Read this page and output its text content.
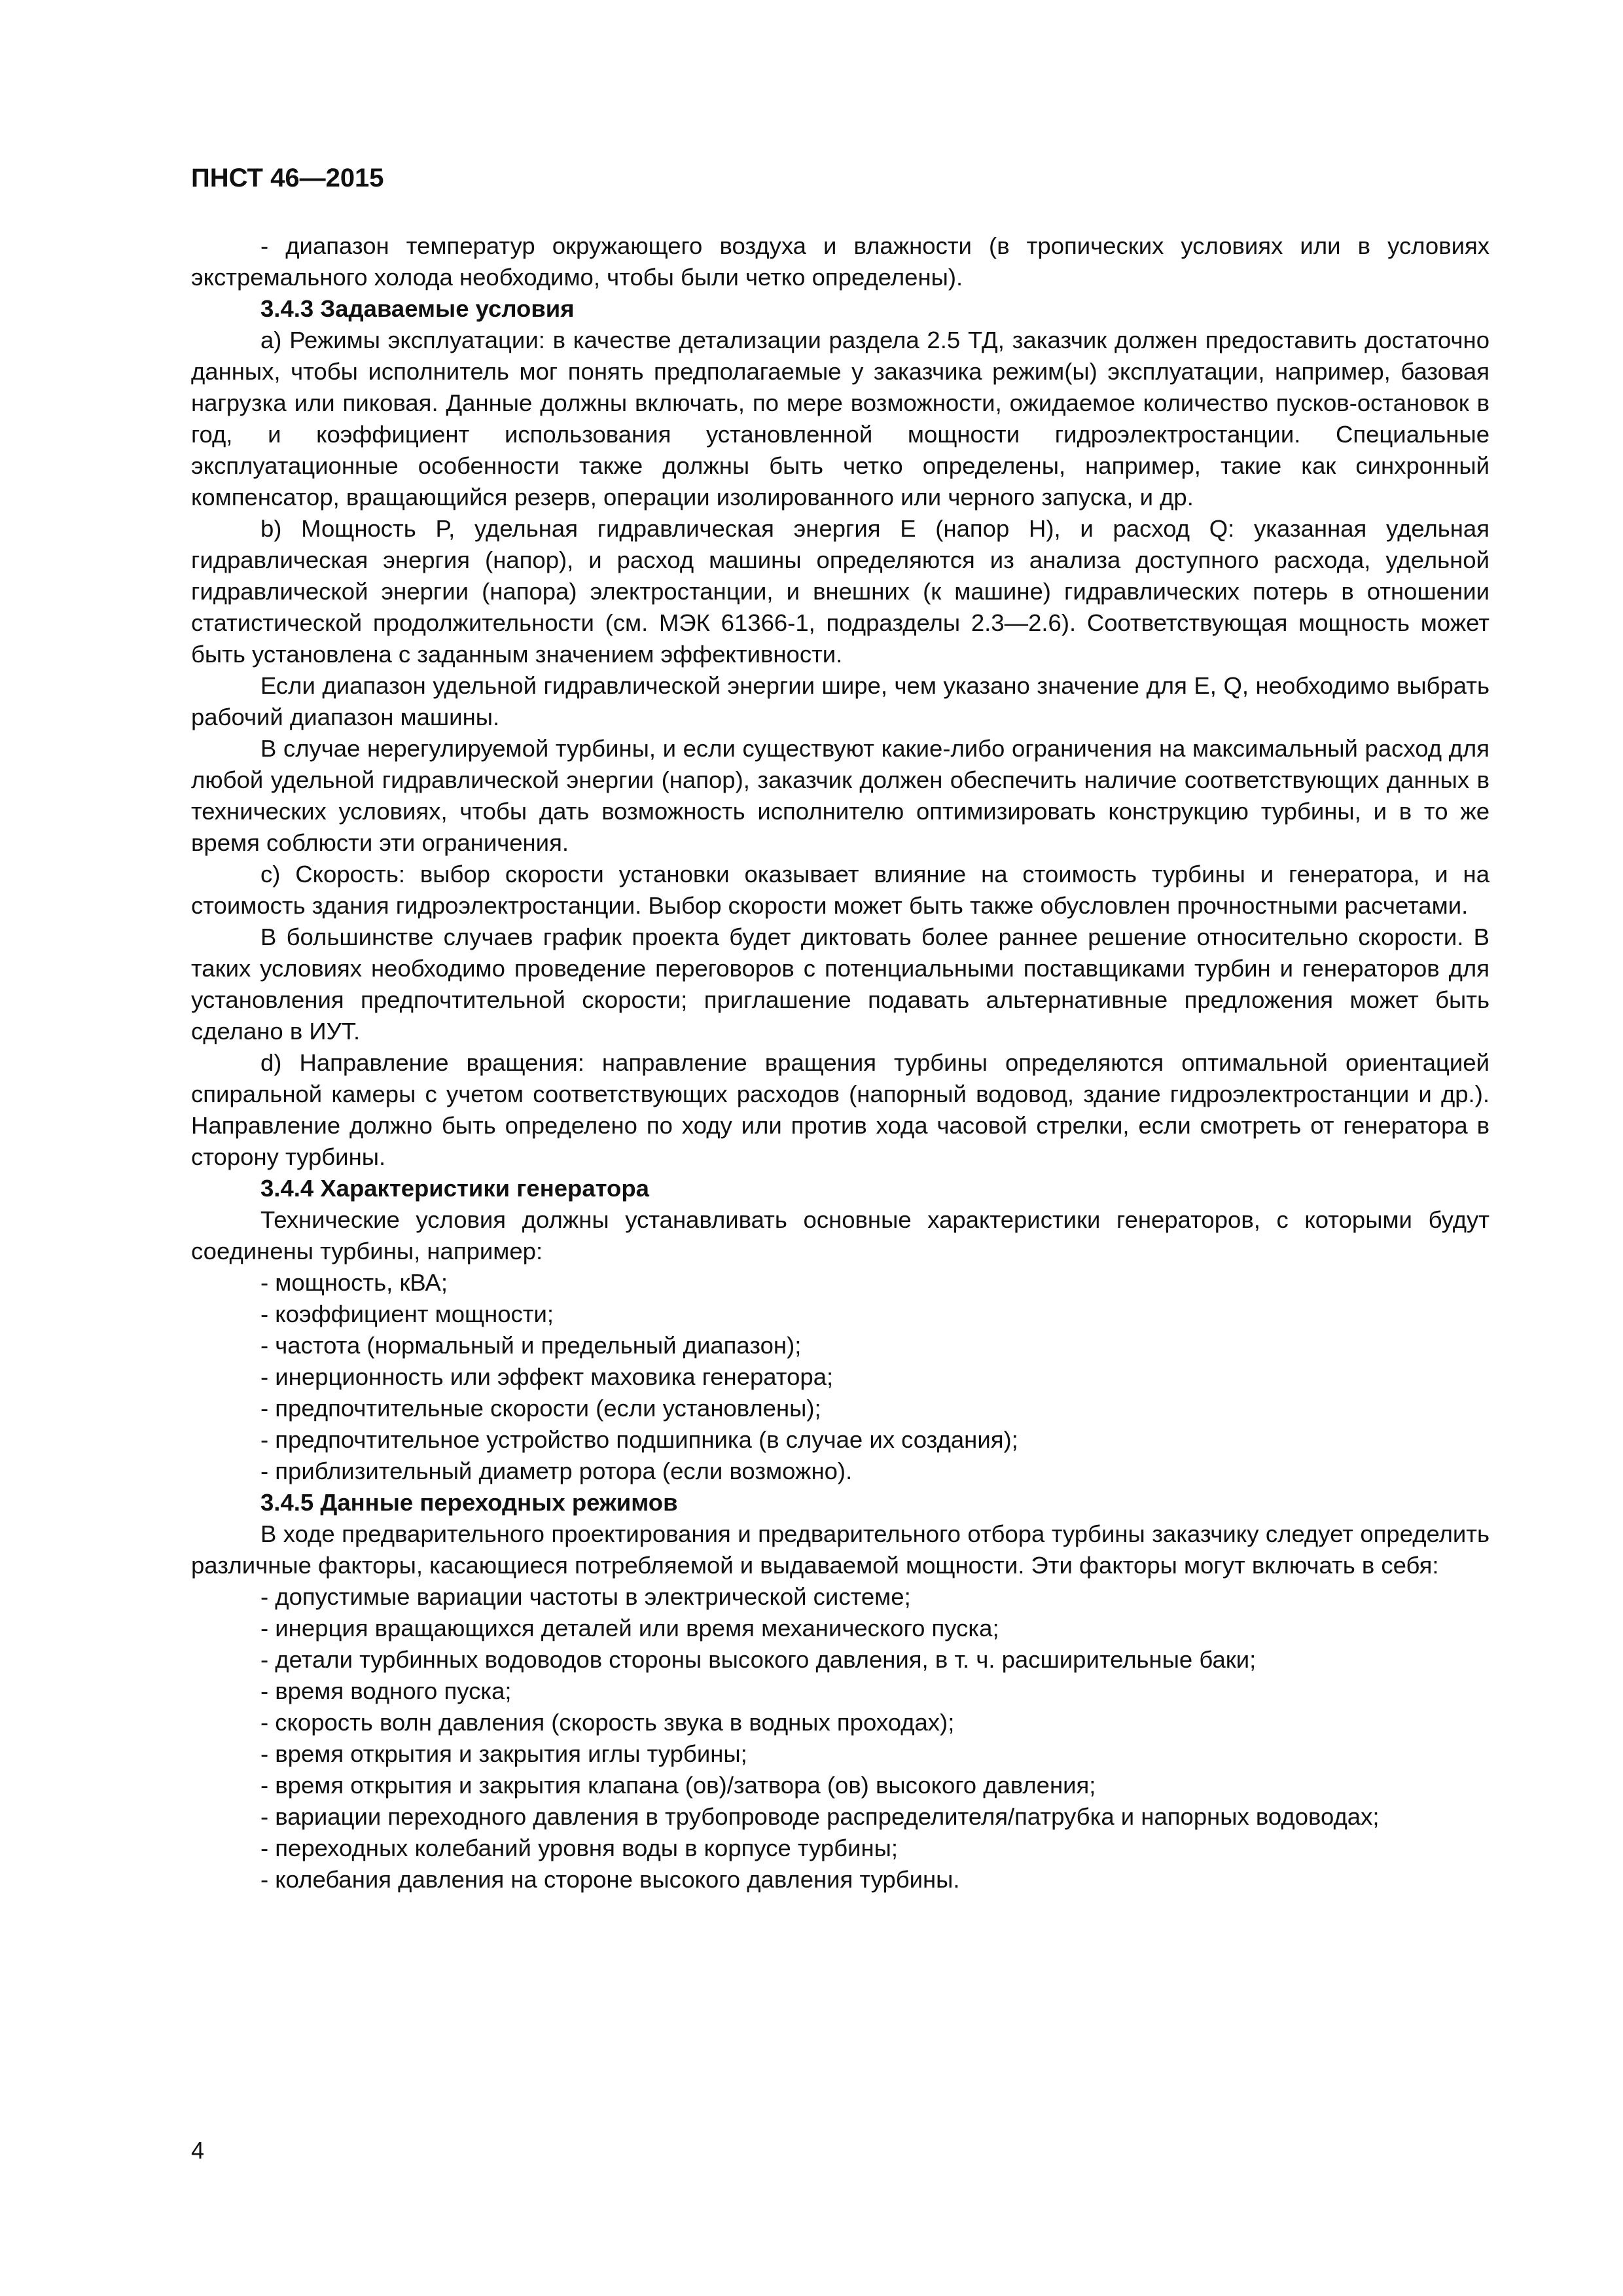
ПНСТ 46—2015

- диапазон температур окружающего воздуха и влажности (в тропических условиях или в условиях экстремального холода необходимо, чтобы были четко определены).

3.4.3 Задаваемые условия

a) Режимы эксплуатации: в качестве детализации раздела 2.5 ТД, заказчик должен предоставить достаточно данных, чтобы исполнитель мог понять предполагаемые у заказчика режим(ы) эксплуатации, например, базовая нагрузка или пиковая. Данные должны включать, по мере возможности, ожидаемое количество пусков-остановок в год, и коэффициент использования установленной мощности гидроэлектростанции. Специальные эксплуатационные особенности также должны быть четко определены, например, такие как синхронный компенсатор, вращающийся резерв, операции изолированного или черного запуска, и др.

b) Мощность P, удельная гидравлическая энергия E (напор H), и расход Q: указанная удельная гидравлическая энергия (напор), и расход машины определяются из анализа доступного расхода, удельной гидравлической энергии (напора) электростанции, и внешних (к машине) гидравлических потерь в отношении статистической продолжительности (см. МЭК 61366-1, подразделы 2.3—2.6). Соответствующая мощность может быть установлена с заданным значением эффективности.

Если диапазон удельной гидравлической энергии шире, чем указано значение для E, Q, необходимо выбрать рабочий диапазон машины.

В случае нерегулируемой турбины, и если существуют какие-либо ограничения на максимальный расход для любой удельной гидравлической энергии (напор), заказчик должен обеспечить наличие соответствующих данных в технических условиях, чтобы дать возможность исполнителю оптимизировать конструкцию турбины, и в то же время соблюсти эти ограничения.

c) Скорость: выбор скорости установки оказывает влияние на стоимость турбины и генератора, и на стоимость здания гидроэлектростанции. Выбор скорости может быть также обусловлен прочностными расчетами.

В большинстве случаев график проекта будет диктовать более раннее решение относительно скорости. В таких условиях необходимо проведение переговоров с потенциальными поставщиками турбин и генераторов для установления предпочтительной скорости; приглашение подавать альтернативные предложения может быть сделано в ИУТ.

d) Направление вращения: направление вращения турбины определяются оптимальной ориентацией спиральной камеры с учетом соответствующих расходов (напорный водовод, здание гидроэлектростанции и др.). Направление должно быть определено по ходу или против хода часовой стрелки, если смотреть от генератора в сторону турбины.

3.4.4 Характеристики генератора

Технические условия должны устанавливать основные характеристики генераторов, с которыми будут соединены турбины, например:

- мощность, кВА;

- коэффициент мощности;

- частота (нормальный и предельный диапазон);

- инерционность или эффект маховика генератора;

- предпочтительные скорости (если установлены);

- предпочтительное устройство подшипника (в случае их создания);

- приблизительный диаметр ротора (если возможно).

3.4.5 Данные переходных режимов

В ходе предварительного проектирования и предварительного отбора турбины заказчику следует определить различные факторы, касающиеся потребляемой и выдаваемой мощности. Эти факторы могут включать в себя:

- допустимые вариации частоты в электрической системе;

- инерция вращающихся деталей или время механического пуска;

- детали турбинных водоводов стороны высокого давления, в т. ч. расширительные баки;

- время водного пуска;

- скорость волн давления (скорость звука в водных проходах);

- время открытия и закрытия иглы турбины;

- время открытия и закрытия клапана (ов)/затвора (ов) высокого давления;

- вариации переходного давления в трубопроводе распределителя/патрубка и напорных водоводах;

- переходных колебаний уровня воды в корпусе турбины;

- колебания давления на стороне высокого давления турбины.

4
